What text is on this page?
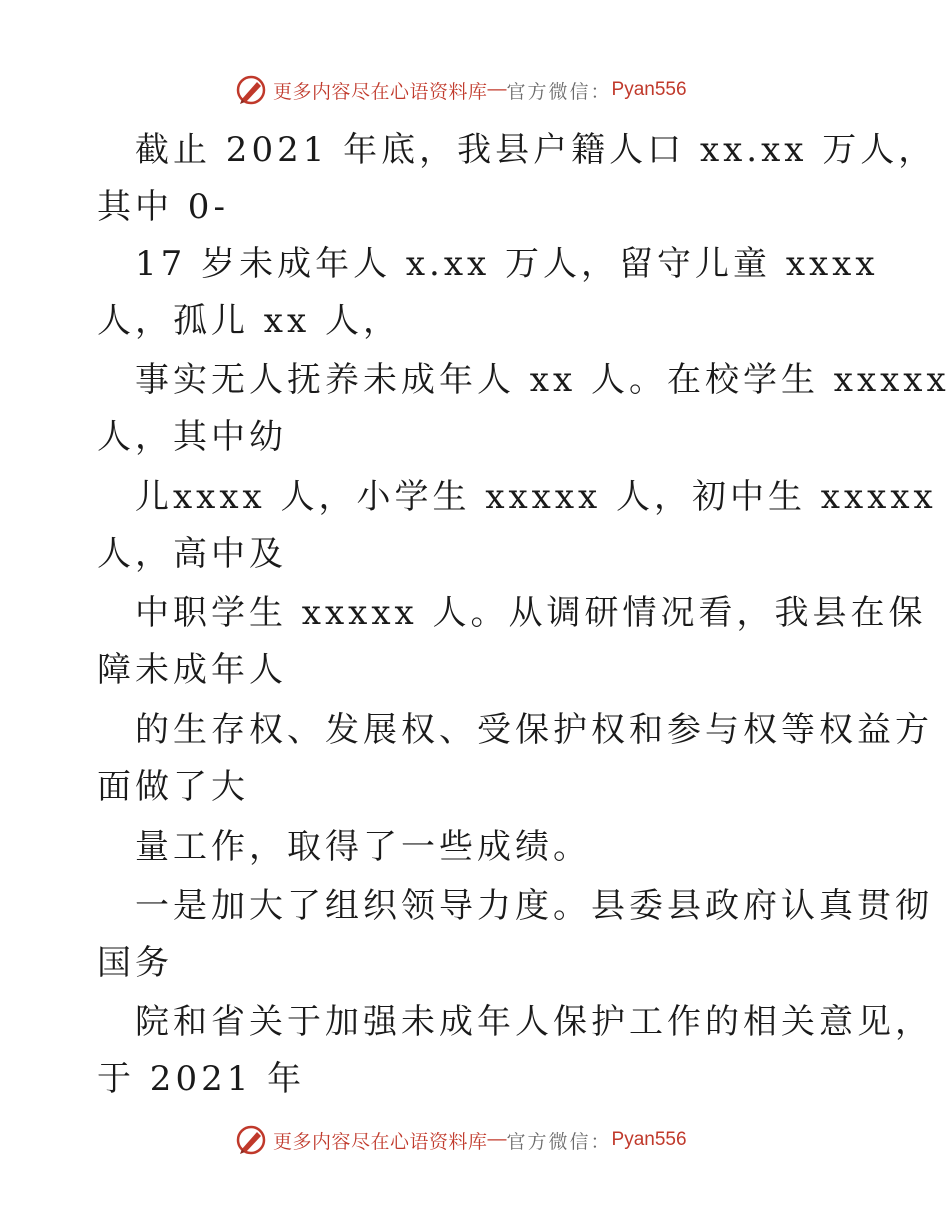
更多内容尽在心语资料库 — 官方微信： Pyan556
截止 2021 年底，我县户籍人口 xx.xx 万人，
其中 0-
17 岁未成年人 x.xx 万人，留守儿童 xxxx
人，孤儿 xx 人，
事实无人抚养未成年人 xx 人。在校学生 xxxxx
人，其中幼
儿xxxx 人，小学生 xxxxx 人，初中生 xxxxx
人，高中及
中职学生 xxxxx 人。从调研情况看，我县在保
障未成年人
的生存权、发展权、受保护权和参与权等权益方
面做了大
量工作，取得了一些成绩。
一是加大了组织领导力度。县委县政府认真贯彻
国务
院和省关于加强未成年人保护工作的相关意见，
于 2021 年
更多内容尽在心语资料库 — 官方微信： Pyan556
